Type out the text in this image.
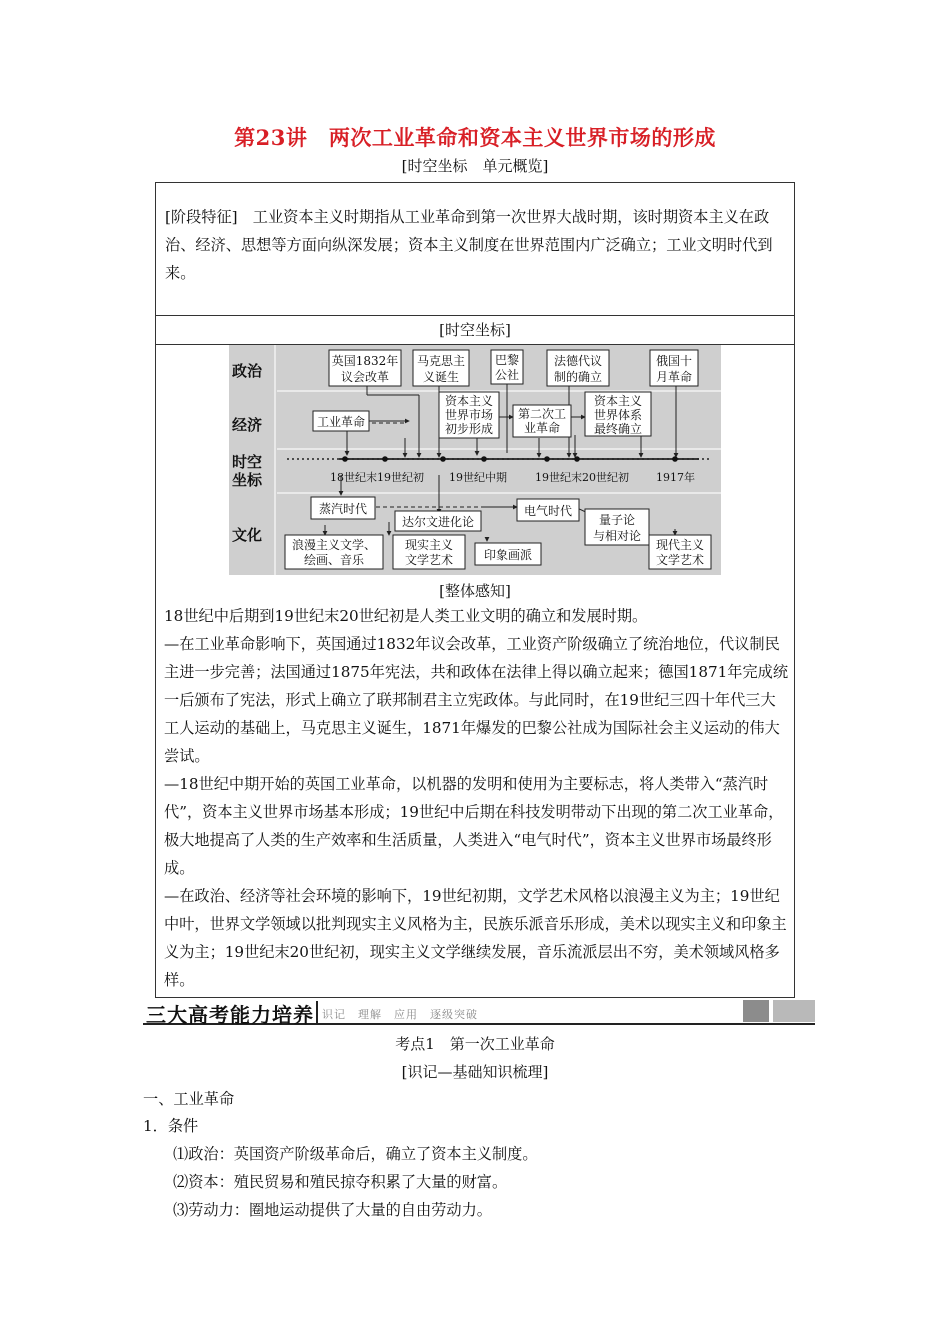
第23讲　两次工业革命和资本主义世界市场的形成
[时空坐标　单元概览]
[阶段特征]　工业资本主义时期指从工业革命到第一次世界大战时期，该时期资本主义在政治、经济、思想等方面向纵深发展；资本主义制度在世界范围内广泛确立；工业文明时代到来。
[时空坐标]
政治
经济
时空
坐标
文化
18世纪末19世纪初 19世纪中期	19世纪末20世纪初 1917年
英国1832年
议会改革
马克思主
义诞生
巴黎
公社
法德代议
制的确立
俄国十
月革命
工业革命
资本主义
世界市场
初步形成
第二次工
业革命
资本主义
世界体系
最终确立
蒸汽时代
达尔文进化论
电气时代
量子论
与相对论
浪漫主义文学、
绘画、音乐
现实主义
文学艺术	印象画派
现代主义
文学艺术
[整体感知]

18世纪中后期到19世纪末20世纪初是人类工业文明的确立和发展时期。

—在工业革命影响下，英国通过1832年议会改革，工业资产阶级确立了统治地位，代议制民主进一步完善；法国通过1875年宪法，共和政体在法律上得以确立起来；德国1871年完成统一后颁布了宪法，形式上确立了联邦制君主立宪政体。与此同时，在19世纪三四十年代三大工人运动的基础上，马克思主义诞生，1871年爆发的巴黎公社成为国际社会主义运动的伟大尝试。

—18世纪中期开始的英国工业革命，以机器的发明和使用为主要标志，将人类带入“蒸汽时代”，资本主义世界市场基本形成；19世纪中后期在科技发明带动下出现的第二次工业革命，极大地提高了人类的生产效率和生活质量，人类进入“电气时代”，资本主义世界市场最终形成。

—在政治、经济等社会环境的影响下，19世纪初期，文学艺术风格以浪漫主义为主；19世纪中叶，世界文学领域以批判现实主义风格为主，民族乐派音乐形成，美术以现实主义和印象主义为主；19世纪末20世纪初，现实主义文学继续发展，音乐流派层出不穷，美术领域风格多样。

三大高考能力培养 识记　理解　应用　逐级突破
考点1　第一次工业革命
[识记—基础知识梳理]
一、工业革命
1．条件
⑴政治：英国资产阶级革命后，确立了资本主义制度。
⑵资本：殖民贸易和殖民掠夺积累了大量的财富。
⑶劳动力：圈地运动提供了大量的自由劳动力。
